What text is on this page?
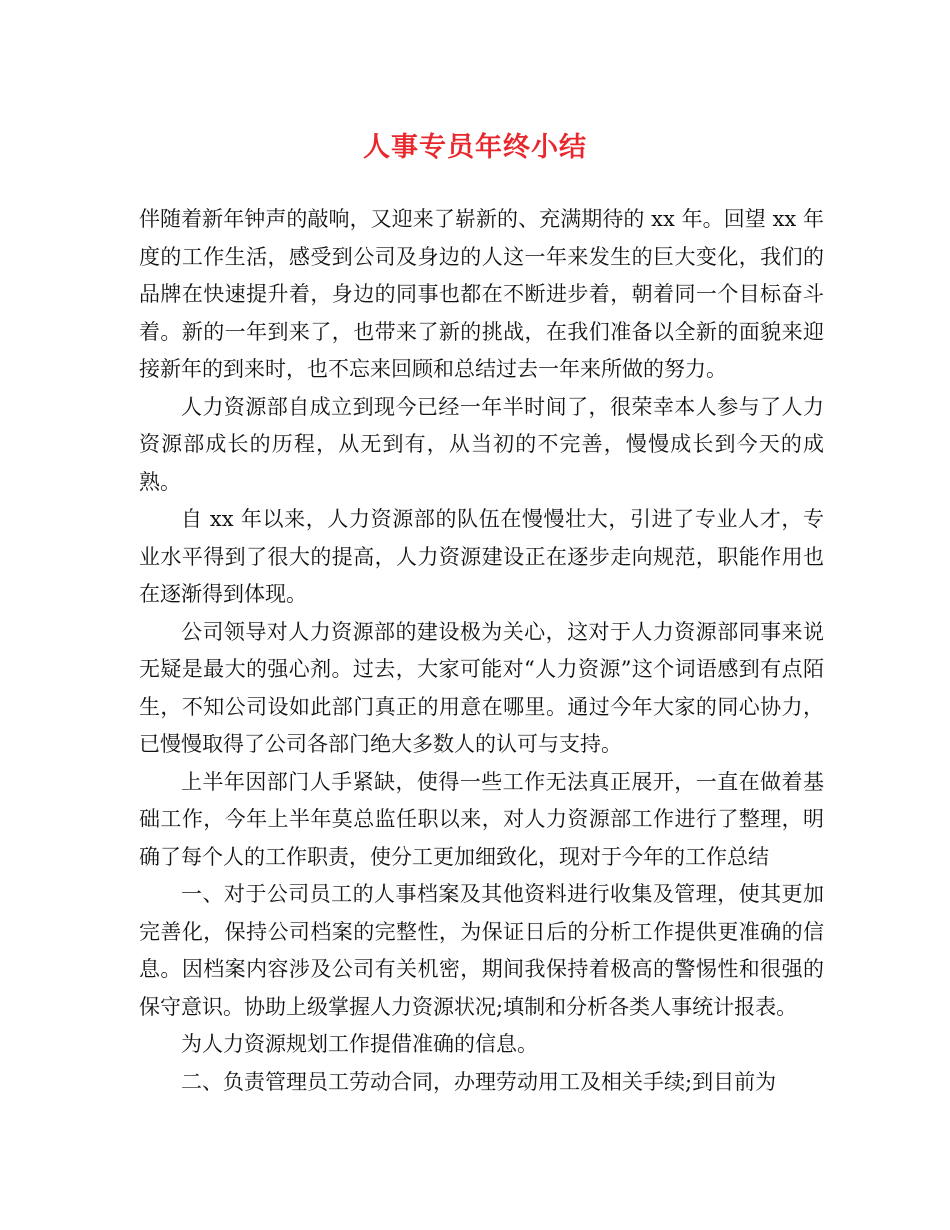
人事专员年终小结

伴随着新年钟声的敲响，又迎来了崭新的、充满期待的 xx 年。回望 xx 年度的工作生活，感受到公司及身边的人这一年来发生的巨大变化，我们的品牌在快速提升着，身边的同事也都在不断进步着，朝着同一个目标奋斗着。新的一年到来了，也带来了新的挑战，在我们准备以全新的面貌来迎接新年的到来时，也不忘来回顾和总结过去一年来所做的努力。

人力资源部自成立到现今已经一年半时间了，很荣幸本人参与了人力资源部成长的历程，从无到有，从当初的不完善，慢慢成长到今天的成熟。

自 xx 年以来，人力资源部的队伍在慢慢壮大，引进了专业人才，专业水平得到了很大的提高，人力资源建设正在逐步走向规范，职能作用也在逐渐得到体现。

公司领导对人力资源部的建设极为关心，这对于人力资源部同事来说无疑是最大的强心剂。过去，大家可能对“人力资源”这个词语感到有点陌生，不知公司设如此部门真正的用意在哪里。通过今年大家的同心协力，已慢慢取得了公司各部门绝大多数人的认可与支持。

上半年因部门人手紧缺，使得一些工作无法真正展开，一直在做着基础工作，今年上半年莫总监任职以来，对人力资源部工作进行了整理，明确了每个人的工作职责，使分工更加细致化，现对于今年的工作总结

一、对于公司员工的人事档案及其他资料进行收集及管理，使其更加完善化，保持公司档案的完整性，为保证日后的分析工作提供更准确的信息。因档案内容涉及公司有关机密，期间我保持着极高的警惕性和很强的保守意识。协助上级掌握人力资源状况;填制和分析各类人事统计报表。

为人力资源规划工作提借准确的信息。

二、负责管理员工劳动合同，办理劳动用工及相关手续;到目前为
